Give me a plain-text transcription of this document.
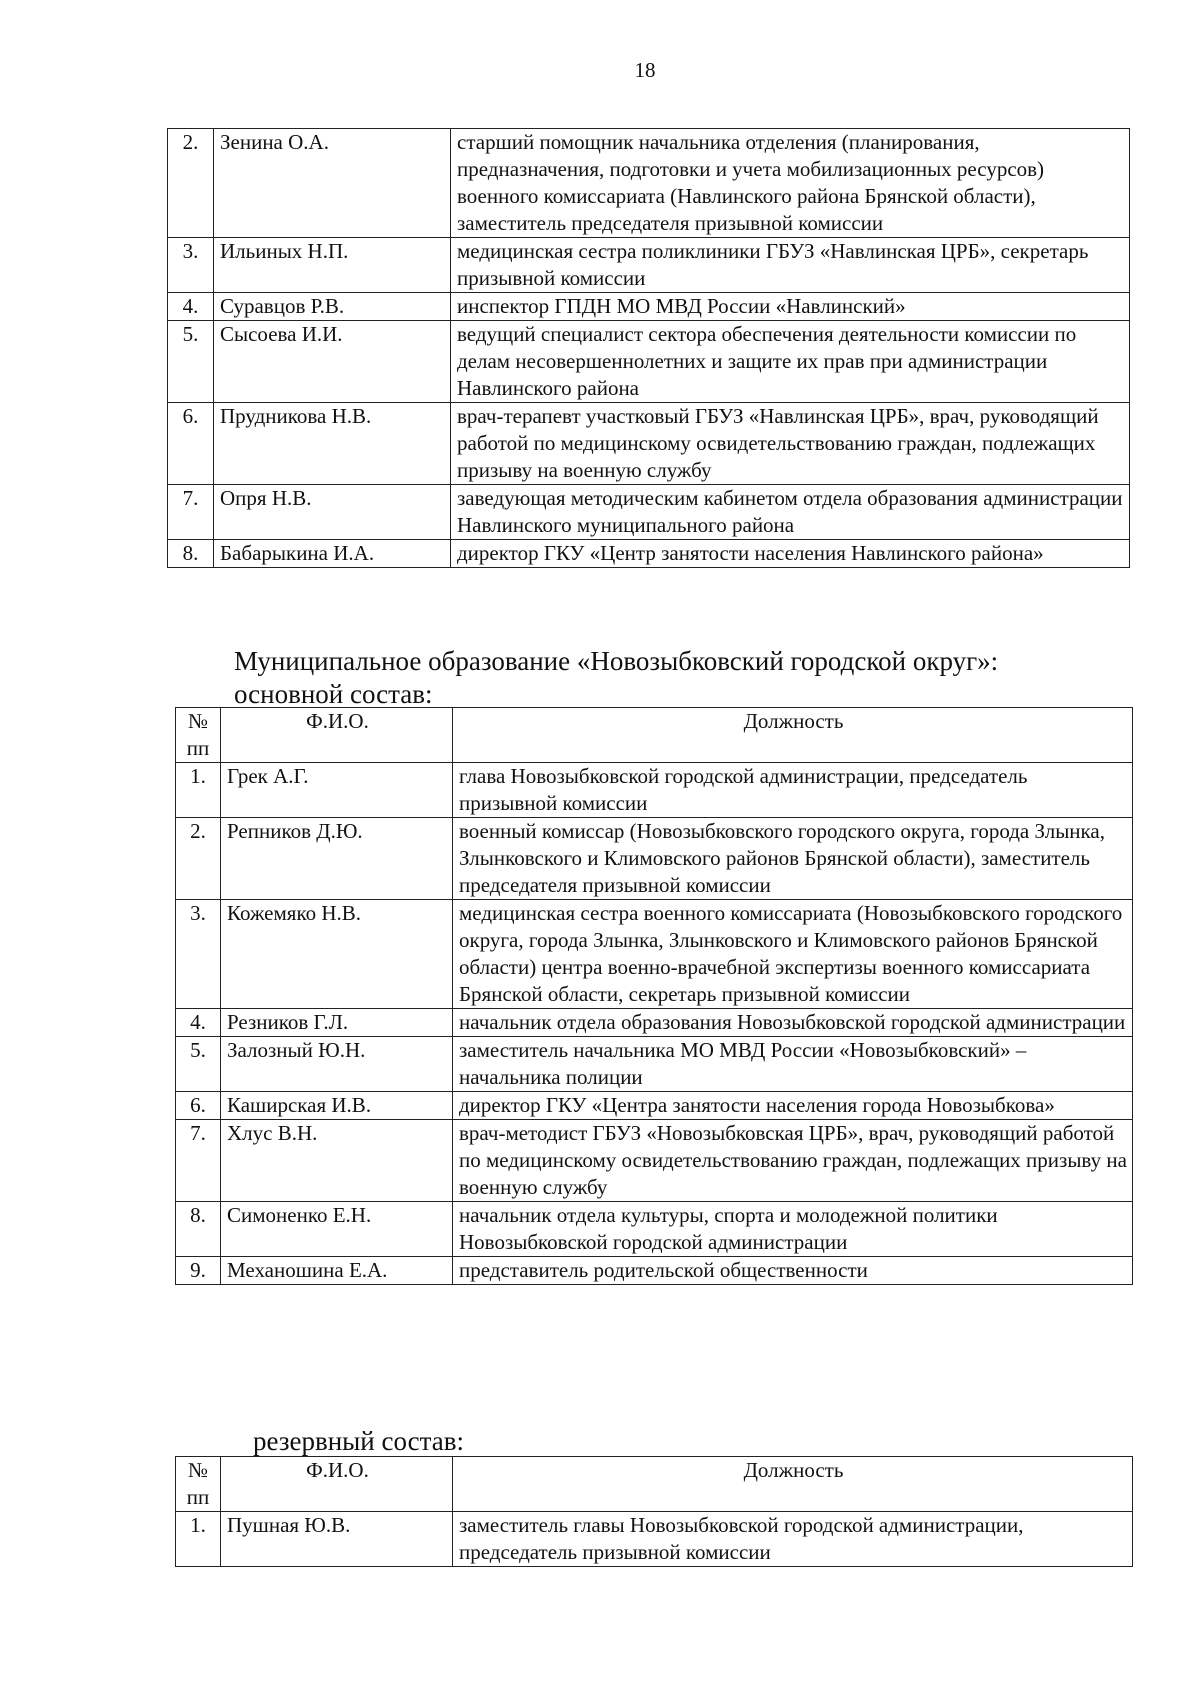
18
2.	Зенина О.А.	старший помощник начальника отделения (планирования, предназначения, подготовки и учета мобилизационных ресурсов) военного комиссариата (Навлинского района Брянской области), заместитель председателя призывной комиссии
3.	Ильиных Н.П.	медицинская сестра поликлиники ГБУЗ «Навлинская ЦРБ», секретарь призывной комиссии
4.	Суравцов Р.В.	инспектор ГПДН МО МВД России «Навлинский»
5.	Сысоева И.И.	ведущий специалист сектора обеспечения деятельности комиссии по делам несовершеннолетних и защите их прав при администрации Навлинского района
6.	Прудникова Н.В.	врач-терапевт участковый ГБУЗ «Навлинская ЦРБ», врач, руководящий работой по медицинскому освидетельствованию граждан, подлежащих призыву на военную службу
7.	Опря Н.В.	заведующая методическим кабинетом отдела образования администрации Навлинского муниципального района
8.	Бабарыкина И.А.	директор ГКУ «Центр занятости населения Навлинского района»
Муниципальное образование «Новозыбковский городской округ»:
основной состав:
№ пп	Ф.И.О.	Должность
1.	Грек А.Г.	глава Новозыбковской городской администрации, председатель призывной комиссии
2.	Репников Д.Ю.	военный комиссар (Новозыбковского городского округа, города Злынка, Злынковского и Климовского районов Брянской области), заместитель председателя призывной комиссии
3.	Кожемяко Н.В.	медицинская сестра военного комиссариата (Новозыбковского городского округа, города Злынка, Злынковского и Климовского районов Брянской области) центра военно-врачебной экспертизы военного комиссариата Брянской области, секретарь призывной комиссии
4.	Резников Г.Л.	начальник отдела образования Новозыбковской городской администрации
5.	Залозный Ю.Н.	заместитель начальника МО МВД России «Новозыбковский» – начальника полиции
6.	Каширская И.В.	директор ГКУ «Центра занятости населения города Новозыбкова»
7.	Хлус В.Н.	врач-методист ГБУЗ «Новозыбковская ЦРБ», врач, руководящий работой по медицинскому освидетельствованию граждан, подлежащих призыву на военную службу
8.	Симоненко Е.Н.	начальник отдела культуры, спорта и молодежной политики Новозыбковской городской администрации
9.	Механошина Е.А.	представитель родительской общественности
резервный состав:
№ пп	Ф.И.О.	Должность
1.	Пушная Ю.В.	заместитель главы Новозыбковской городской администрации, председатель призывной комиссии
